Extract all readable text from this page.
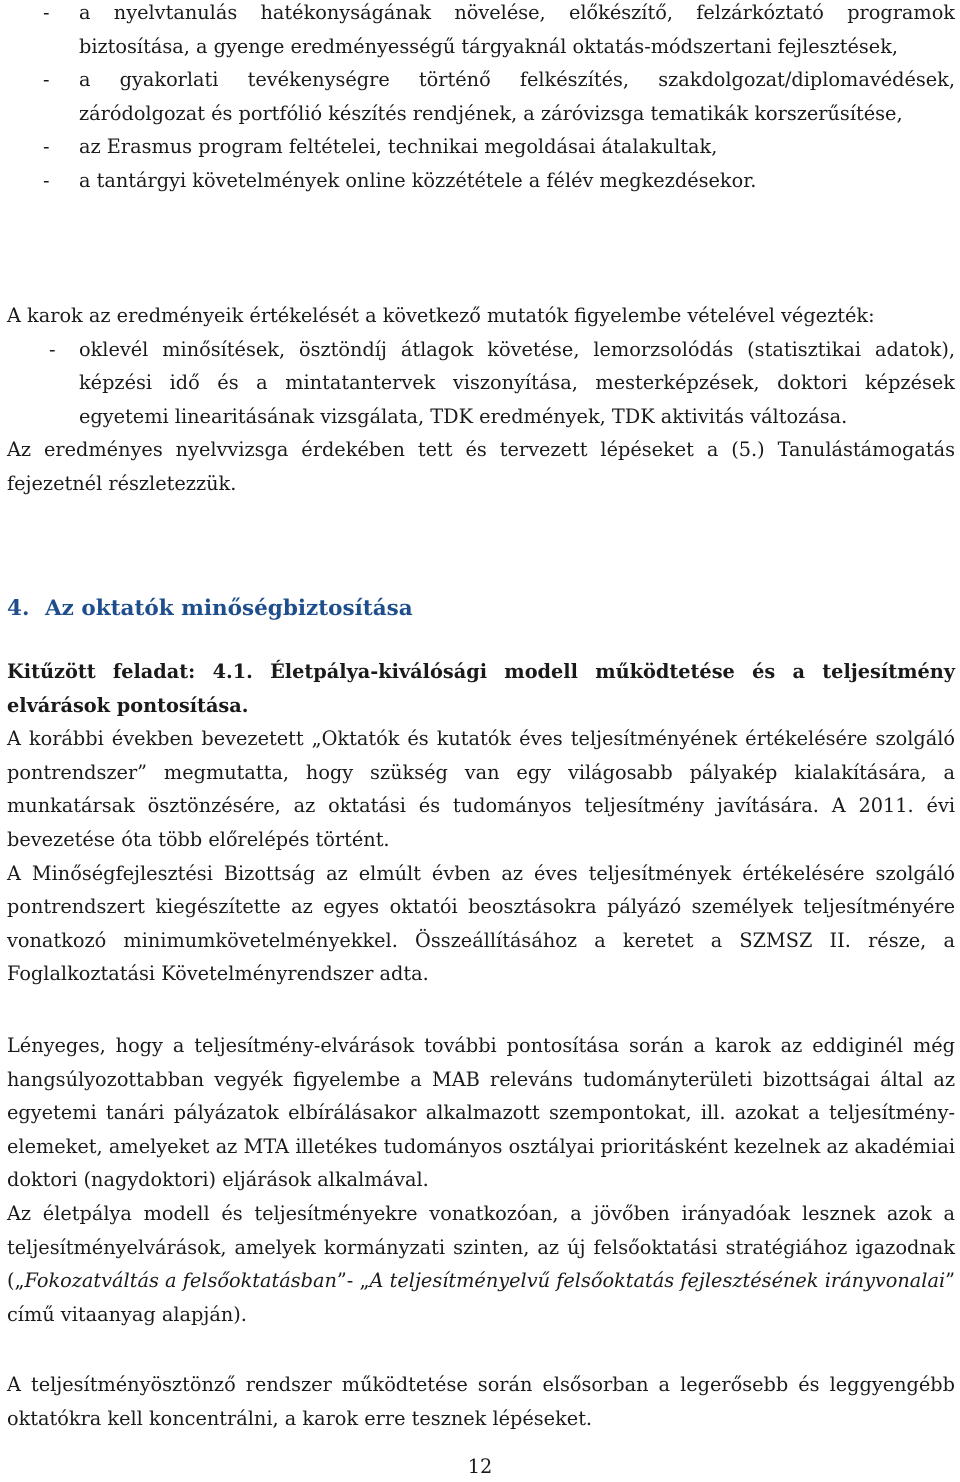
- a nyelvtanulás hatékonyságának növelése, előkészítő, felzárkóztató programok biztosítása, a gyenge eredményességű tárgyaknál oktatás-módszertani fejlesztések,

- a gyakorlati tevékenységre történő felkészítés, szakdolgozat/diplomavédések, záródolgozat és portfólió készítés rendjének, a záróvizsga tematikák korszerűsítése,

- az Erasmus program feltételei, technikai megoldásai átalakultak,

- a tantárgyi követelmények online közzététele a félév megkezdésekor.

A karok az eredményeik értékelését a következő mutatók figyelembe vételével végezték:

- oklevél minősítések, ösztöndíj átlagok követése, lemorzsolódás (statisztikai adatok), képzési idő és a mintatantervek viszonyítása, mesterképzések, doktori képzések egyetemi linearitásának vizsgálata, TDK eredmények, TDK aktivitás változása.

Az eredményes nyelvvizsga érdekében tett és tervezett lépéseket a (5.) Tanulástámogatás fejezetnél részletezzük.

4. Az oktatók minőségbiztosítása

Kitűzött feladat: 4.1. Életpálya-kiválósági modell működtetése és a teljesítmény elvárások pontosítása.

A korábbi években bevezetett „Oktatók és kutatók éves teljesítményének értékelésére szolgáló pontrendszer” megmutatta, hogy szükség van egy világosabb pályakép kialakítására, a munkatársak ösztönzésére, az oktatási és tudományos teljesítmény javítására. A 2011. évi bevezetése óta több előrelépés történt.

A Minőségfejlesztési Bizottság az elmúlt évben az éves teljesítmények értékelésére szolgáló pontrendszert kiegészítette az egyes oktatói beosztásokra pályázó személyek teljesítményére vonatkozó minimumkövetelményekkel. Összeállításához a keretet a SZMSZ II. része, a Foglalkoztatási Követelményrendszer adta.

Lényeges, hogy a teljesítmény-elvárások további pontosítása során a karok az eddiginél még hangsúlyozottabban vegyék figyelembe a MAB releváns tudományterületi bizottságai által az egyetemi tanári pályázatok elbírálásakor alkalmazott szempontokat, ill. azokat a teljesítmény-elemeket, amelyeket az MTA illetékes tudományos osztályai prioritásként kezelnek az akadémiai doktori (nagydoktori) eljárások alkalmával.

Az életpálya modell és teljesítményekre vonatkozóan, a jövőben irányadóak lesznek azok a teljesítményelvárások, amelyek kormányzati szinten, az új felsőoktatási stratégiához igazodnak („Fokozatváltás a felsőoktatásban”- „A teljesítményelvű felsőoktatás fejlesztésének irányvonalai” című vitaanyag alapján).

A teljesítményösztönző rendszer működtetése során elsősorban a legerősebb és leggyengébb oktatókra kell koncentrálni, a karok erre tesznek lépéseket.

12
